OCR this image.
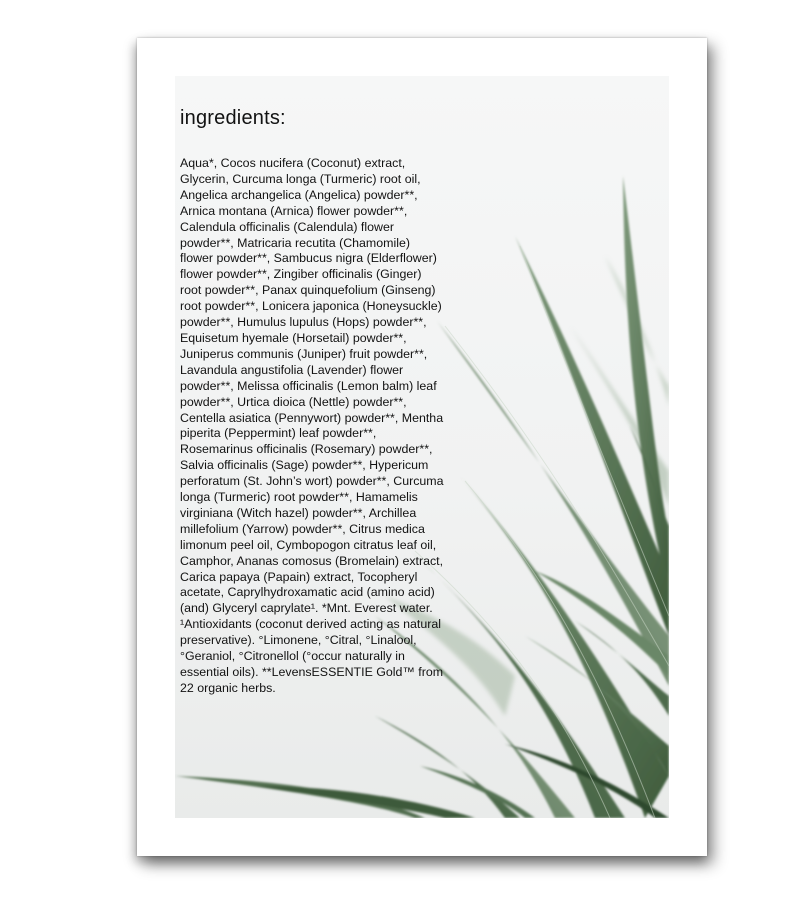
ingredients:

Aqua*, Cocos nucifera (Coconut) extract,
Glycerin, Curcuma longa (Turmeric) root oil,
Angelica archangelica (Angelica) powder**,
Arnica montana (Arnica) flower powder**,
Calendula officinalis (Calendula) flower
powder**, Matricaria recutita (Chamomile)
flower powder**, Sambucus nigra (Elderflower)
flower powder**, Zingiber officinalis (Ginger)
root powder**, Panax quinquefolium (Ginseng)
root powder**, Lonicera japonica (Honeysuckle)
powder**, Humulus lupulus (Hops) powder**,
Equisetum hyemale (Horsetail) powder**,
Juniperus communis (Juniper) fruit powder**,
Lavandula angustifolia (Lavender) flower
powder**, Melissa officinalis (Lemon balm) leaf
powder**, Urtica dioica (Nettle) powder**,
Centella asiatica (Pennywort) powder**, Mentha
piperita (Peppermint) leaf powder**,
Rosemarinus officinalis (Rosemary) powder**,
Salvia officinalis (Sage) powder**, Hypericum
perforatum (St. John’s wort) powder**, Curcuma
longa (Turmeric) root powder**, Hamamelis
virginiana (Witch hazel) powder**, Archillea
millefolium (Yarrow) powder**, Citrus medica
limonum peel oil, Cymbopogon citratus leaf oil,
Camphor, Ananas comosus (Bromelain) extract,
Carica papaya (Papain) extract, Tocopheryl
acetate, Caprylhydroxamatic acid (amino acid)
(and) Glyceryl caprylate¹. *Mnt. Everest water.
¹Antioxidants (coconut derived acting as natural
preservative). °Limonene, °Citral, °Linalool,
°Geraniol, °Citronellol (°occur naturally in
essential oils). **LevensESSENTIE Gold™ from
22 organic herbs.
